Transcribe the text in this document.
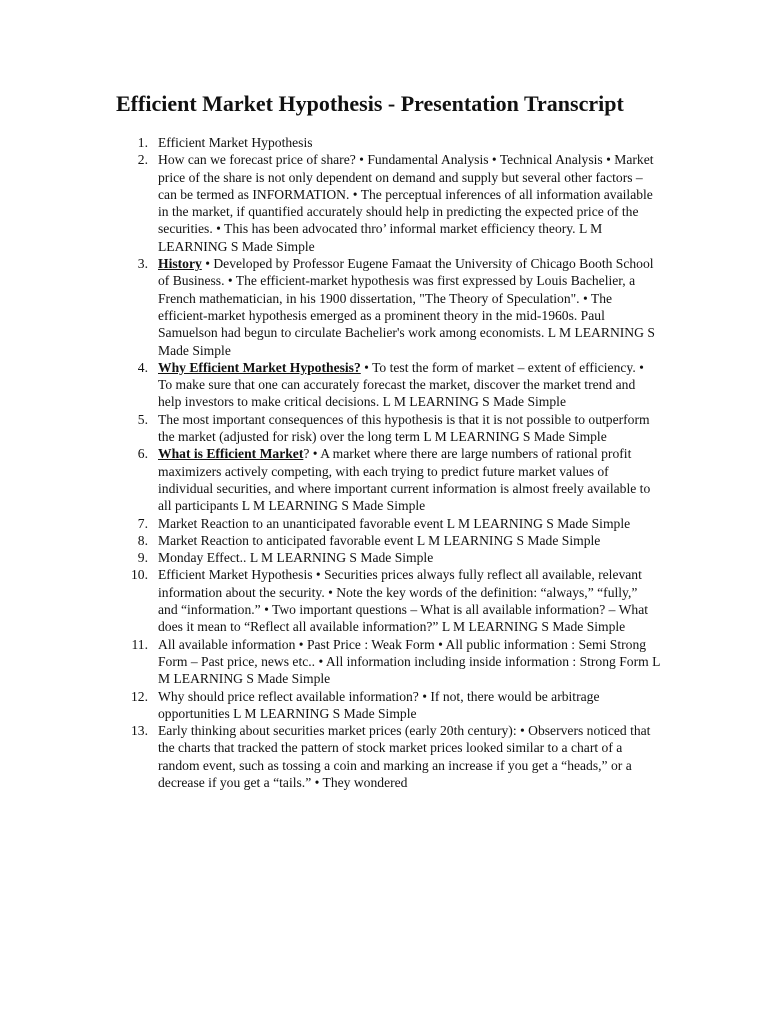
Efficient Market Hypothesis - Presentation Transcript
1. Efficient Market Hypothesis
2. How can we forecast price of share? • Fundamental Analysis • Technical Analysis • Market price of the share is not only dependent on demand and supply but several other factors – can be termed as INFORMATION. • The perceptual inferences of all information available in the market, if quantified accurately should help in predicting the expected price of the securities. • This has been advocated thro’ informal market efficiency theory. L M LEARNING S Made Simple
3. History • Developed by Professor Eugene Famaat the University of Chicago Booth School of Business. • The efficient-market hypothesis was first expressed by Louis Bachelier, a French mathematician, in his 1900 dissertation, "The Theory of Speculation". • The efficient-market hypothesis emerged as a prominent theory in the mid-1960s. Paul Samuelson had begun to circulate Bachelier's work among economists. L M LEARNING S Made Simple
4. Why Efficient Market Hypothesis? • To test the form of market – extent of efficiency. • To make sure that one can accurately forecast the market, discover the market trend and help investors to make critical decisions. L M LEARNING S Made Simple
5. The most important consequences of this hypothesis is that it is not possible to outperform the market (adjusted for risk) over the long term L M LEARNING S Made Simple
6. What is Efficient Market? • A market where there are large numbers of rational profit maximizers actively competing, with each trying to predict future market values of individual securities, and where important current information is almost freely available to all participants L M LEARNING S Made Simple
7. Market Reaction to an unanticipated favorable event L M LEARNING S Made Simple
8. Market Reaction to anticipated favorable event L M LEARNING S Made Simple
9. Monday Effect.. L M LEARNING S Made Simple
10. Efficient Market Hypothesis • Securities prices always fully reflect all available, relevant information about the security. • Note the key words of the definition: “always,” “fully,” and “information.” • Two important questions – What is all available information? – What does it mean to “Reflect all available information?” L M LEARNING S Made Simple
11. All available information • Past Price : Weak Form • All public information : Semi Strong Form – Past price, news etc.. • All information including inside information : Strong Form L M LEARNING S Made Simple
12. Why should price reflect available information? • If not, there would be arbitrage opportunities L M LEARNING S Made Simple
13. Early thinking about securities market prices (early 20th century): • Observers noticed that the charts that tracked the pattern of stock market prices looked similar to a chart of a random event, such as tossing a coin and marking an increase if you get a “heads,” or a decrease if you get a “tails.” • They wondered
